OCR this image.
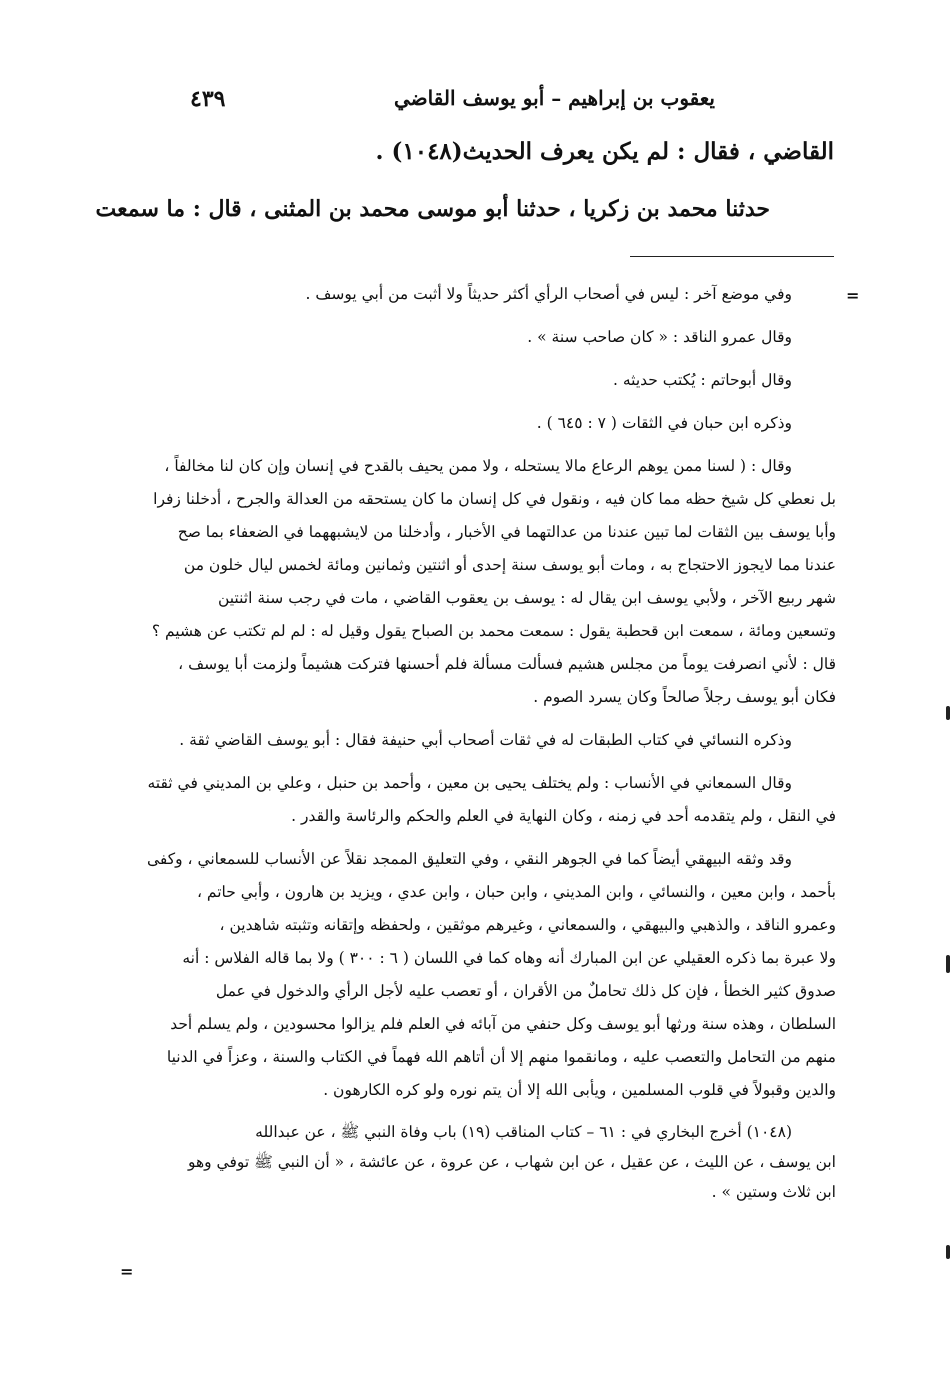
يعقوب بن إبراهيم – أبو يوسف القاضي
٤٣٩
القاضي ، فقال : لم يكن يعرف الحديث(١٠٤٨) .
حدثنا محمد بن زكريا ، حدثنا أبو موسى محمد بن المثنى ، قال : ما سمعت
=
وفي موضع آخر : ليس في أصحاب الرأي أكثر حديثاً ولا أثبت من أبي يوسف .
وقال عمرو الناقد : « كان صاحب سنة » .
وقال أبوحاتم : يُكتب حديثه .
وذكره ابن حبان في الثقات ( ٧ : ٦٤٥ ) .
وقال : ( لسنا ممن يوهم الرعاع مالا يستحله ، ولا ممن يحيف بالقدح في إنسان وإن كان لنا مخالفاً ،
بل نعطي كل شيخ حظه مما كان فيه ، ونقول في كل إنسان ما كان يستحقه من العدالة والجرح ، أدخلنا زفرا
وأبا يوسف بين الثقات لما تبين عندنا من عدالتهما في الأخبار ، وأدخلنا من لايشبههما في الضعفاء بما صح
عندنا مما لايجوز الاحتجاج به ، ومات أبو يوسف سنة إحدى أو اثنتين وثمانين ومائة لخمس ليال خلون من
شهر ربيع الآخر ، ولأبي يوسف ابن يقال له : يوسف بن يعقوب القاضي ، مات في رجب سنة اثنتين
وتسعين ومائة ، سمعت ابن قحطبة يقول : سمعت محمد بن الصباح يقول وقيل له : لم لم تكتب عن هشيم ؟
قال : لأني انصرفت يوماً من مجلس هشيم فسألت مسألة فلم أحسنها فتركت هشيماً ولزمت أبا يوسف ،
فكان أبو يوسف رجلاً صالحاً وكان يسرد الصوم .
وذكره النسائي في كتاب الطبقات له في ثقات أصحاب أبي حنيفة فقال : أبو يوسف القاضي ثقة .
وقال السمعاني في الأنساب : ولم يختلف يحيى بن معين ، وأحمد بن حنبل ، وعلي بن المديني في ثقته
في النقل ، ولم يتقدمه أحد في زمنه ، وكان النهاية في العلم والحكم والرئاسة والقدر .
وقد وثقه البيهقي أيضاً كما في الجوهر النقي ، وفي التعليق الممجد نقلاً عن الأنساب للسمعاني ، وكفى
بأحمد ، وابن معين ، والنسائي ، وابن المديني ، وابن حبان ، وابن عدي ، ويزيد بن هارون ، وأبي حاتم ،
وعمرو الناقد ، والذهبي والبيهقي ، والسمعاني ، وغيرهم موثقين ، ولحفظه وإتقانه وتثبته شاهدين ،
ولا عبرة بما ذكره العقيلي عن ابن المبارك أنه وهاه كما في اللسان ( ٦ : ٣٠٠ ) ولا بما قاله الفلاس : أنه
صدوق كثير الخطأ ، فإن كل ذلك تحاملٌ من الأقران ، أو تعصب عليه لأجل الرأي والدخول في عمل
السلطان ، وهذه سنة ورثها أبو يوسف وكل حنفي من آبائه في العلم فلم يزالوا محسودين ، ولم يسلم أحد
منهم من التحامل والتعصب عليه ، ومانقموا منهم إلا أن أتاهم الله فهماً في الكتاب والسنة ، وعزاً في الدنيا
والدين وقبولاً في قلوب المسلمين ، ويأبى الله إلا أن يتم نوره ولو كره الكارهون .
(١٠٤٨) أخرج البخاري في : ٦١ – كتاب المناقب (١٩) باب وفاة النبي ﷺ ، عن عبدالله
ابن يوسف ، عن الليث ، عن عقيل ، عن ابن شهاب ، عن عروة ، عن عائشة ، « أن النبي ﷺ توفي وهو
ابن ثلاث وستين » .
=
